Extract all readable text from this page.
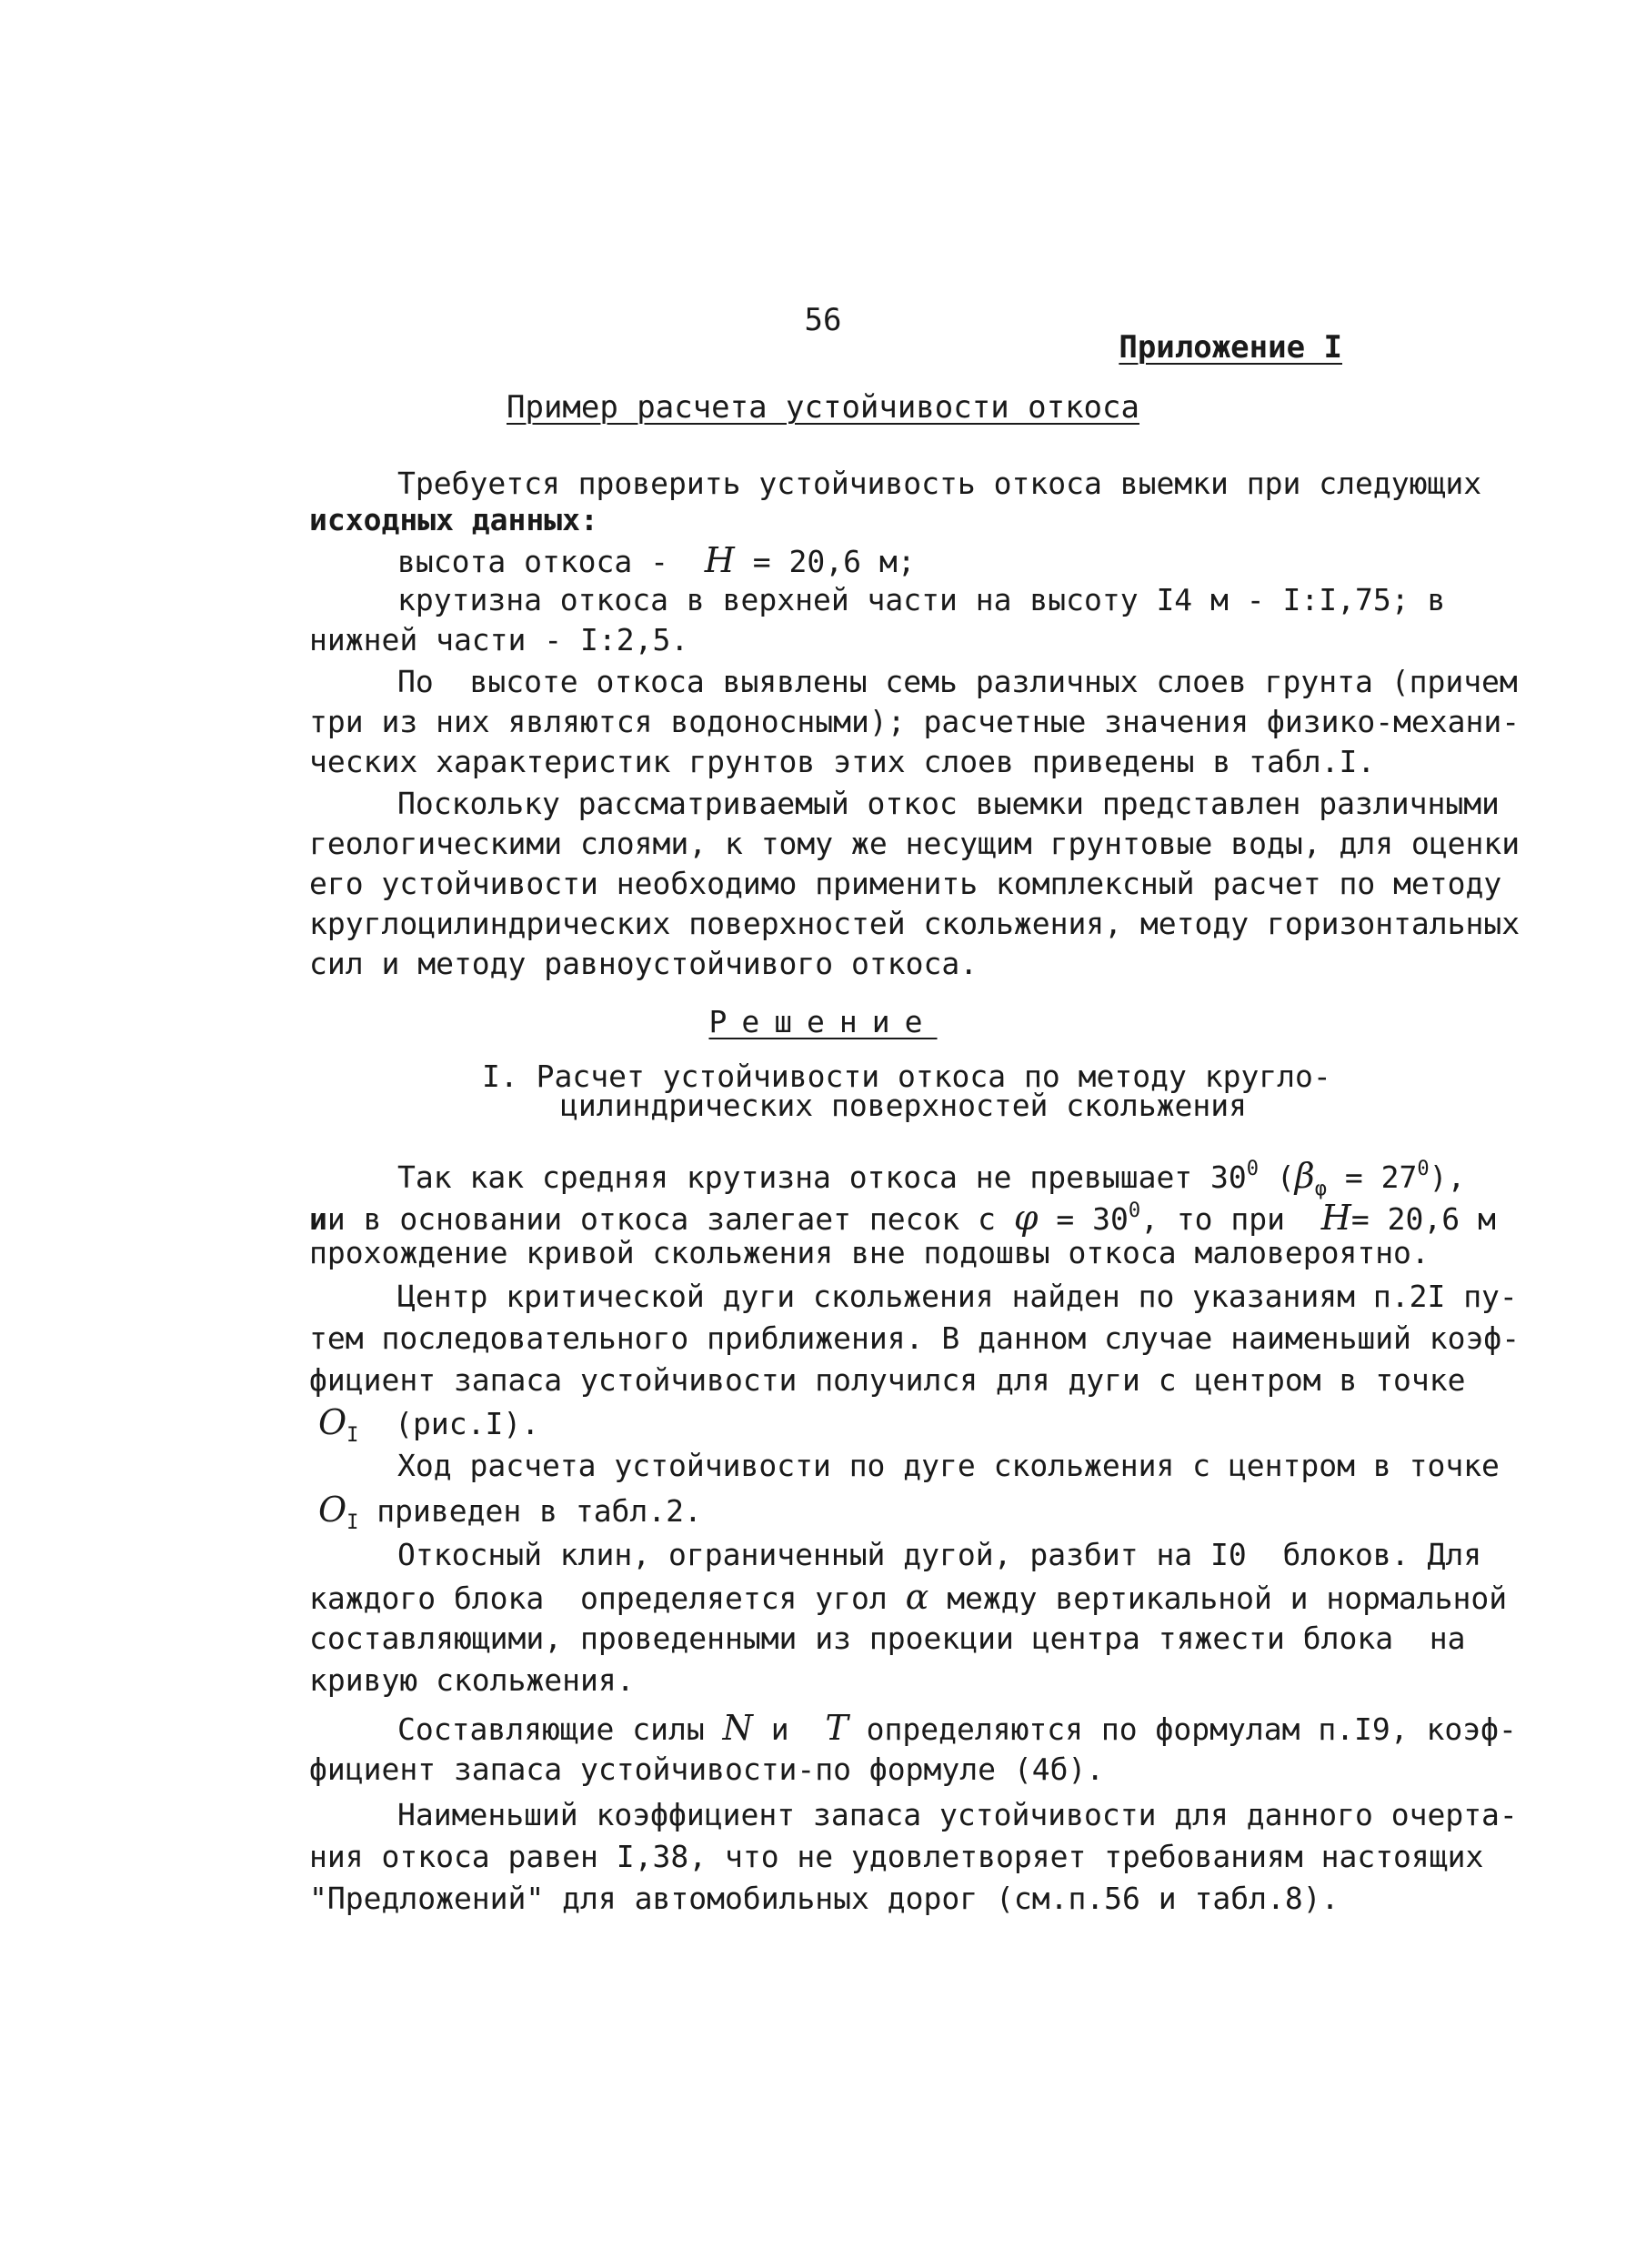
56
Приложение I
Пример расчета устойчивости откоса
Требуется проверить устойчивость откоса выемки при следующих
исходных данных:
высота откоса - H = 20,6 м;
крутизна откоса в верхней части на высоту I4 м - I:I,75; в
нижней части - I:2,5.
По  высоте откоса выявлены семь различных слоев грунта (причем
три из них являются водоносными); расчетные значения физико-механи-
ческих характеристик грунтов этих слоев приведены в табл.I.
Поскольку рассматриваемый откос выемки представлен различными
геологическими слоями, к тому же несущим грунтовые воды, для оценки
его устойчивости необходимо применить комплексный расчет по методу
круглоцилиндрических поверхностей скольжения, методу горизонтальных
сил и методу равноустойчивого откоса.
Решение
I. Расчет устойчивости откоса по методу кругло-
цилиндрических поверхностей скольжения
Так как средняя крутизна откоса не превышает $30^0$ $(\beta_\varphi = 27^0)$,
ии в основании откоса залегает песок с $\varphi = 30^0$, то при H= 20,6 м
прохождение кривой скольжения вне подошвы откоса маловероятно.
Центр критической дуги скольжения найден по указаниям п.2I пу-
тем последовательного приближения. В данном случае наименьший коэф-
фициент запаса устойчивости получился для дуги с центром в точке
$O_I$ (рис.I).
Ход расчета устойчивости по дуге скольжения с центром в точке
$O_I$ приведен в табл.2.
Откосный клин, ограниченный дугой, разбит на I0  блоков. Для
каждого блока  определяется угол α между вертикальной и нормальной
составляющими, проведенными из проекции центра тяжести блока  на
кривую скольжения.
Составляющие силы N и T определяются по формулам п.I9, коэф-
фициент запаса устойчивости-по формуле (4б).
Наименьший коэффициент запаса устойчивости для данного очерта-
ния откоса равен I,38, что не удовлетворяет требованиям настоящих
"Предложений" для автомобильных дорог (см.п.56 и табл.8).
